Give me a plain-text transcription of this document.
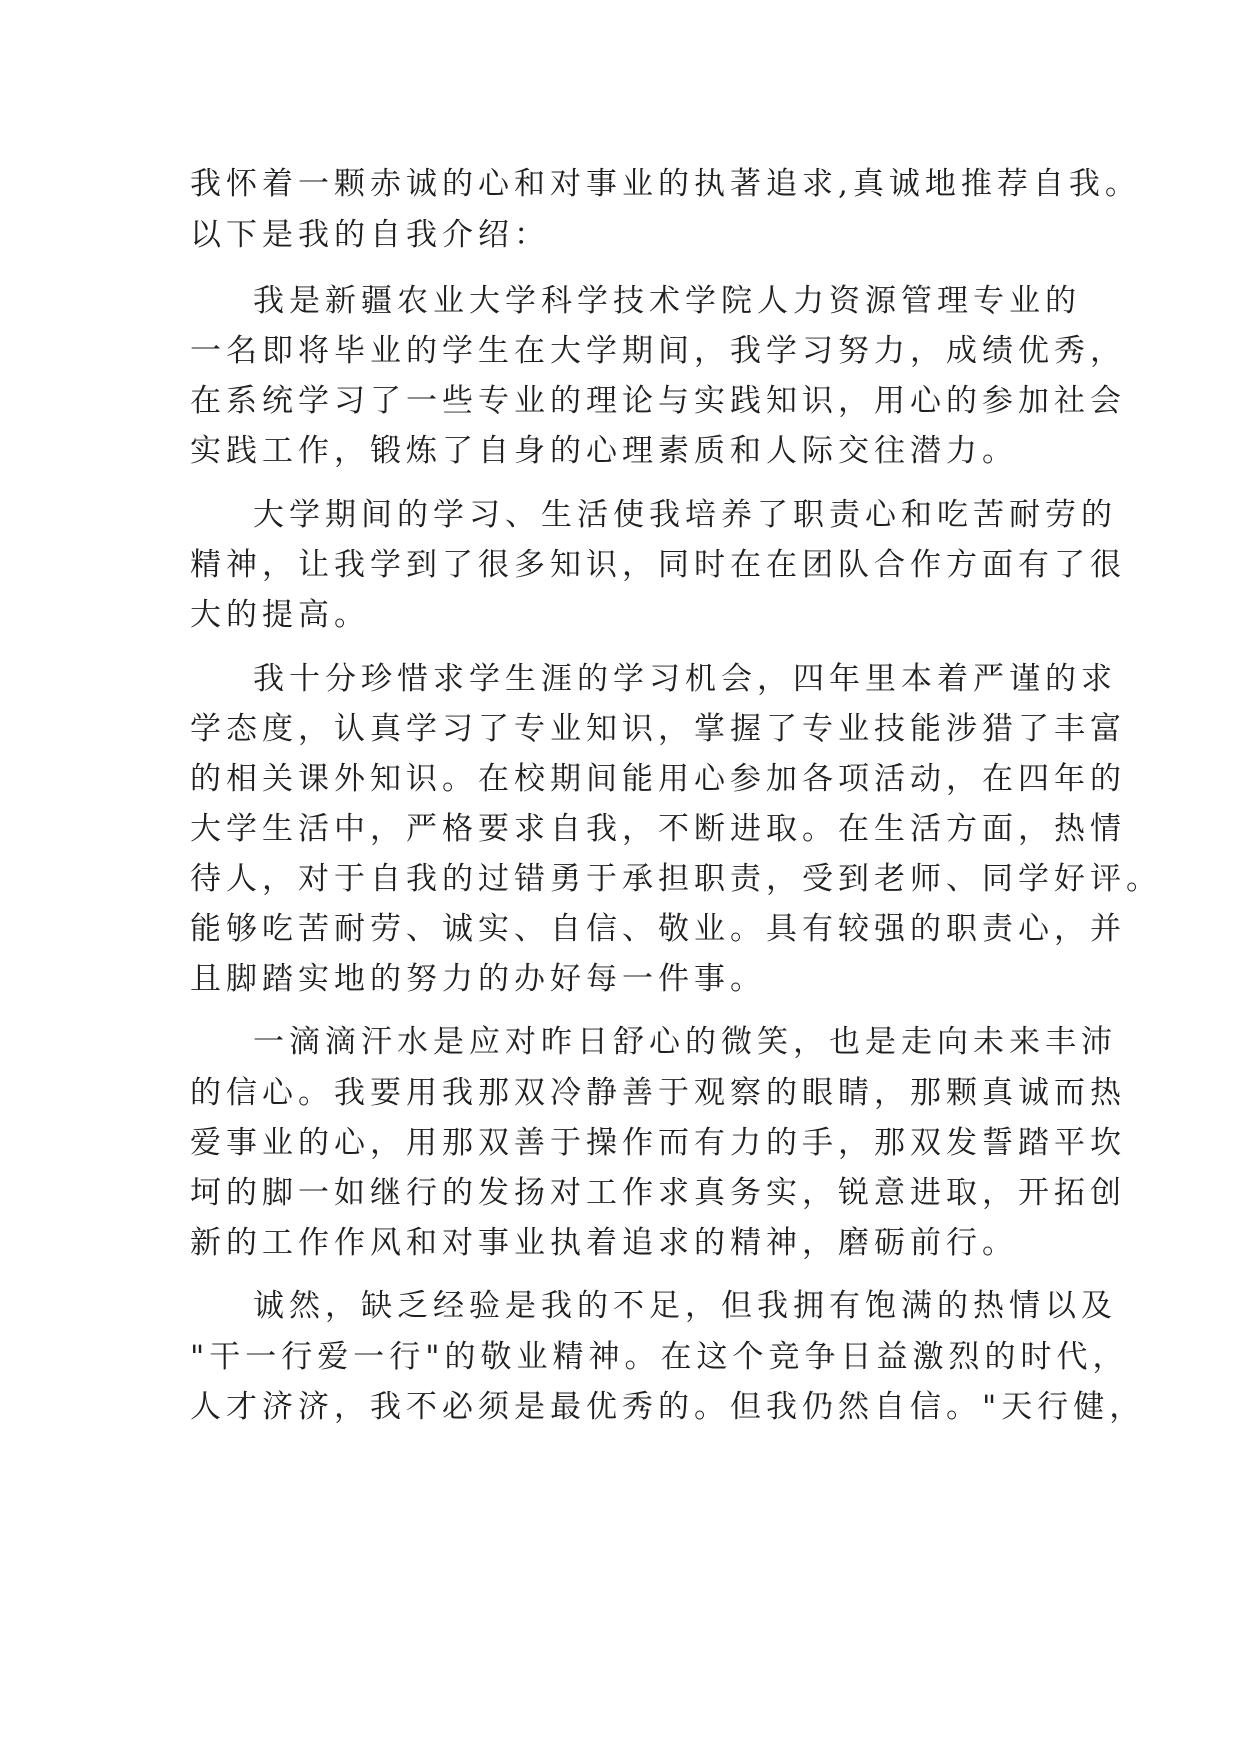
我怀着一颗赤诚的心和对事业的执著追求,真诚地推荐自我。

以下是我的自我介绍：

我是新疆农业大学科学技术学院人力资源管理专业的

一名即将毕业的学生在大学期间，我学习努力，成绩优秀，

在系统学习了一些专业的理论与实践知识，用心的参加社会

实践工作，锻炼了自身的心理素质和人际交往潜力。

大学期间的学习、生活使我培养了职责心和吃苦耐劳的

精神，让我学到了很多知识，同时在在团队合作方面有了很

大的提高。

我十分珍惜求学生涯的学习机会，四年里本着严谨的求

学态度，认真学习了专业知识，掌握了专业技能涉猎了丰富

的相关课外知识。在校期间能用心参加各项活动，在四年的

大学生活中，严格要求自我，不断进取。在生活方面，热情

待人，对于自我的过错勇于承担职责，受到老师、同学好评。

能够吃苦耐劳、诚实、自信、敬业。具有较强的职责心，并

且脚踏实地的努力的办好每一件事。

一滴滴汗水是应对昨日舒心的微笑，也是走向未来丰沛

的信心。我要用我那双冷静善于观察的眼睛，那颗真诚而热

爱事业的心，用那双善于操作而有力的手，那双发誓踏平坎

坷的脚一如继行的发扬对工作求真务实，锐意进取，开拓创

新的工作作风和对事业执着追求的精神，磨砺前行。

诚然，缺乏经验是我的不足，但我拥有饱满的热情以及

"干一行爱一行"的敬业精神。在这个竞争日益激烈的时代，

人才济济，我不必须是最优秀的。但我仍然自信。"天行健，
